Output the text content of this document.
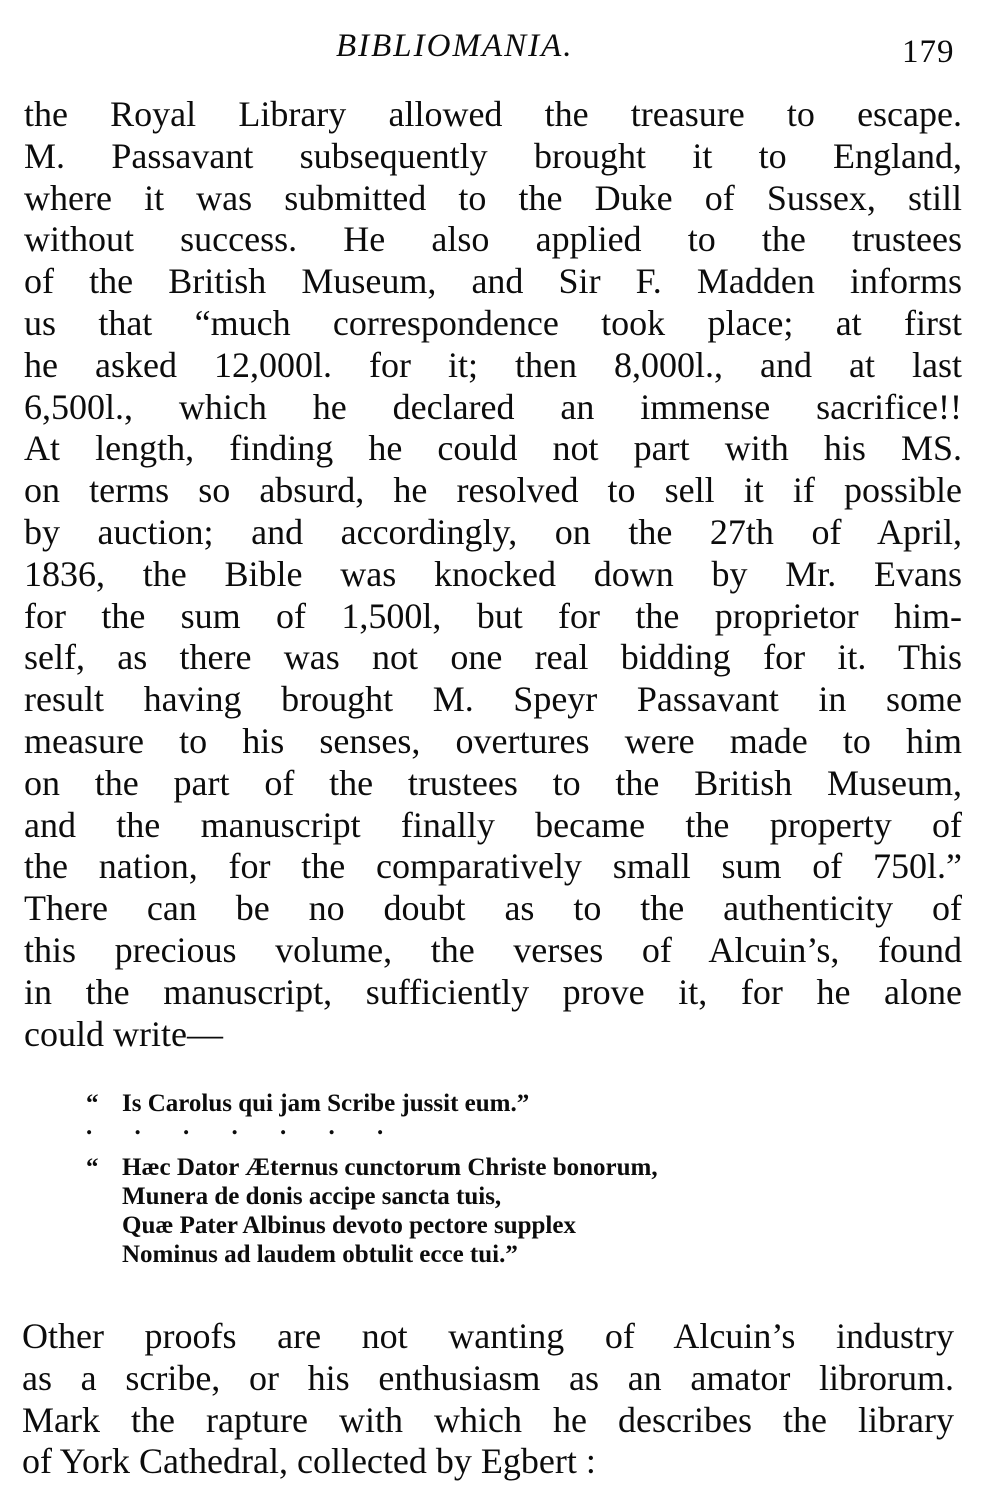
BIBLIOMANIA.	179
the Royal Library allowed the treasure to escape.
M. Passavant subsequently brought it to England,
where it was submitted to the Duke of Sussex, still
without success. He also applied to the trustees
of the British Museum, and Sir F. Madden informs
us that “much correspondence took place; at first
he asked 12,000l. for it; then 8,000l., and at last
6,500l., which he declared an immense sacrifice!!
At length, finding he could not part with his MS.
on terms so absurd, he resolved to sell it if possible
by auction; and accordingly, on the 27th of April,
1836, the Bible was knocked down by Mr. Evans
for the sum of 1,500l, but for the proprietor him-
self, as there was not one real bidding for it. This
result having brought M. Speyr Passavant in some
measure to his senses, overtures were made to him
on the part of the trustees to the British Museum,
and the manuscript finally became the property of
the nation, for the comparatively small sum of 750l.”
There can be no doubt as to the authenticity of
this precious volume, the verses of Alcuin’s, found
in the manuscript, sufficiently prove it, for he alone
could write—
“ Is Carolus qui jam Scribe jussit eum.”
. . . . . . .
“ Hæc Dator Æternus cunctorum Christe bonorum,
Munera de donis accipe sancta tuis,
Quæ Pater Albinus devoto pectore supplex
Nominus ad laudem obtulit ecce tui.”
Other proofs are not wanting of Alcuin’s industry
as a scribe, or his enthusiasm as an amator librorum.
Mark the rapture with which he describes the library
of York Cathedral, collected by Egbert :
